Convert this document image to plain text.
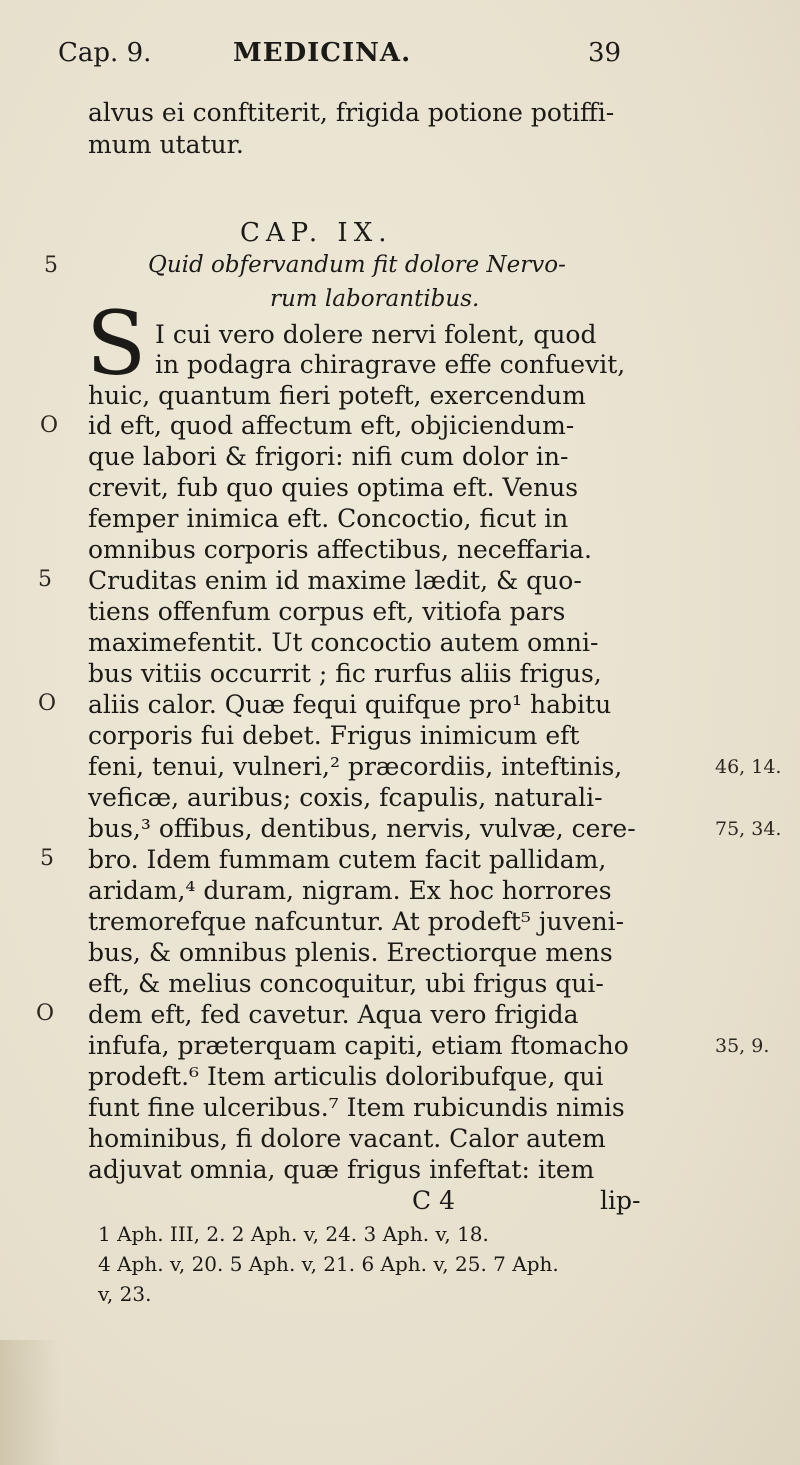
Cap. 9.	MEDICINA.	39
alvus ei conftiterit, frigida potione potiffi-
mum utatur.
CAP. IX.
5	Quid obfervandum fit dolore Nervo-
rum laborantibus.
S I cui vero dolere nervi folent, quod
in podagra chiragrave effe confuevit,
huic, quantum fieri poteft, exercendum
O id eft, quod affectum eft, objiciendum-
que labori & frigori: nifi cum dolor in-
crevit, fub quo quies optima eft. Venus
femper inimica eft. Concoctio, ficut in
omnibus corporis affectibus, neceffaria.
5 Cruditas enim id maxime lædit, & quo-
tiens offenfum corpus eft, vitiofa pars
maximefentit. Ut concoctio autem omni-
bus vitiis occurrit ; fic rurfus aliis frigus,
O aliis calor. Quæ fequi quifque pro¹ habitu
corporis fui debet. Frigus inimicum eft
feni, tenui, vulneri,² præcordiis, inteftinis,	46, 14.
veficæ, auribus; coxis, fcapulis, naturali-
bus,³ offibus, dentibus, nervis, vulvæ, cere-	75, 34.
5 bro. Idem fummam cutem facit pallidam,
aridam,⁴ duram, nigram. Ex hoc horrores
tremorefque nafcuntur. At prodeft⁵ juveni-
bus, & omnibus plenis. Erectiorque mens
eft, & melius concoquitur, ubi frigus qui-
O dem eft, fed cavetur. Aqua vero frigida
infufa, præterquam capiti, etiam ftomacho	35, 9.
prodeft.⁶ Item articulis doloribufque, qui
funt fine ulceribus.⁷ Item rubicundis nimis
hominibus, fi dolore vacant. Calor autem
adjuvat omnia, quæ frigus infeftat: item
C 4	lip-
1 Aph. III, 2. 2 Aph. v, 24. 3 Aph. v, 18.
4 Aph. v, 20. 5 Aph. v, 21. 6 Aph. v, 25. 7 Aph.
v, 23.
